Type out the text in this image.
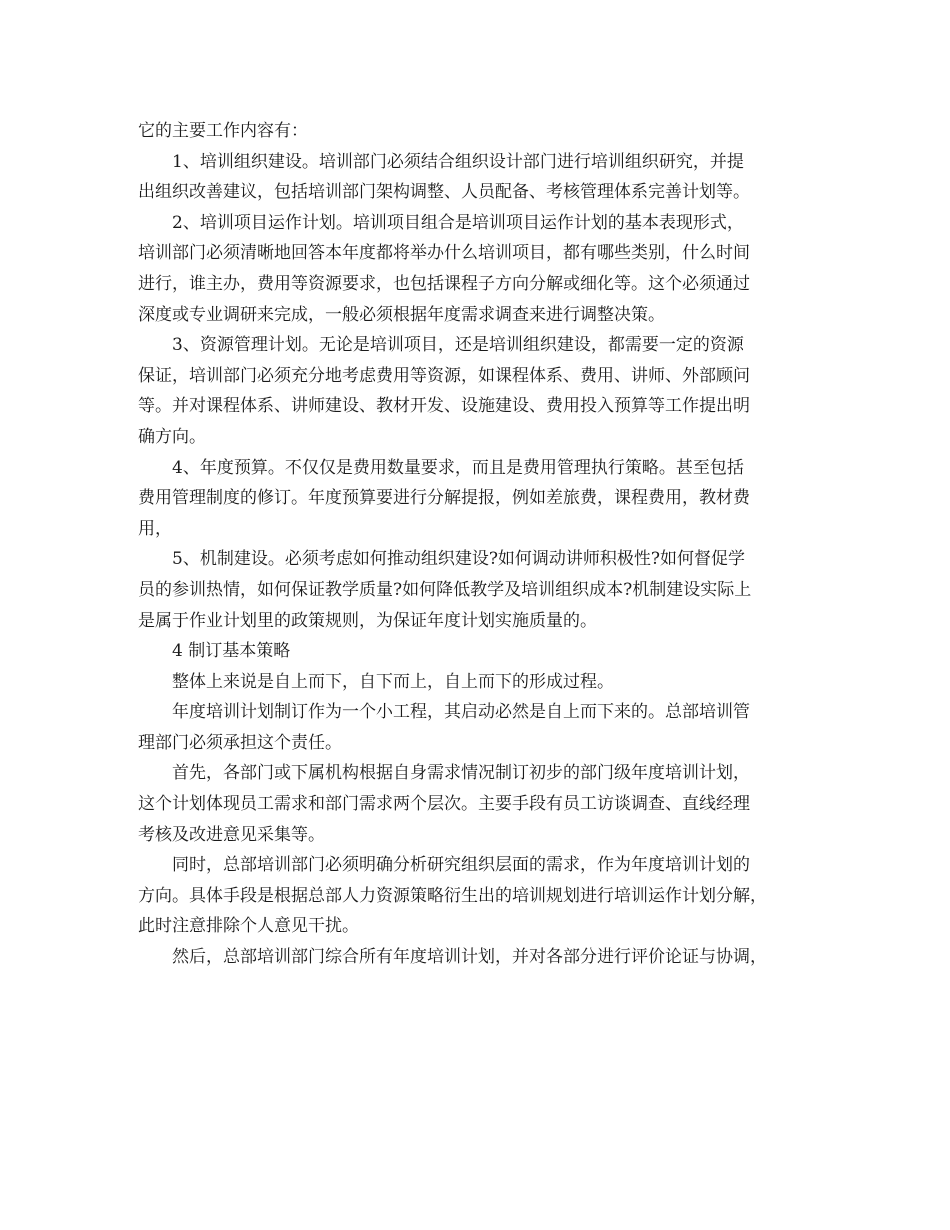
它的主要工作内容有：
1、培训组织建设。培训部门必须结合组织设计部门进行培训组织研究，并提
出组织改善建议，包括培训部门架构调整、人员配备、考核管理体系完善计划等。
2、培训项目运作计划。培训项目组合是培训项目运作计划的基本表现形式，
培训部门必须清晰地回答本年度都将举办什么培训项目，都有哪些类别，什么时间
进行，谁主办，费用等资源要求，也包括课程子方向分解或细化等。这个必须通过
深度或专业调研来完成，一般必须根据年度需求调查来进行调整决策。
3、资源管理计划。无论是培训项目，还是培训组织建设，都需要一定的资源
保证，培训部门必须充分地考虑费用等资源，如课程体系、费用、讲师、外部顾问
等。并对课程体系、讲师建设、教材开发、设施建设、费用投入预算等工作提出明
确方向。
4、年度预算。不仅仅是费用数量要求，而且是费用管理执行策略。甚至包括
费用管理制度的修订。年度预算要进行分解提报，例如差旅费，课程费用，教材费
用，
5、机制建设。必须考虑如何推动组织建设?如何调动讲师积极性?如何督促学
员的参训热情，如何保证教学质量?如何降低教学及培训组织成本?机制建设实际上
是属于作业计划里的政策规则，为保证年度计划实施质量的。
4 制订基本策略
整体上来说是自上而下，自下而上，自上而下的形成过程。
年度培训计划制订作为一个小工程，其启动必然是自上而下来的。总部培训管
理部门必须承担这个责任。
首先，各部门或下属机构根据自身需求情况制订初步的部门级年度培训计划，
这个计划体现员工需求和部门需求两个层次。主要手段有员工访谈调查、直线经理
考核及改进意见采集等。
同时，总部培训部门必须明确分析研究组织层面的需求，作为年度培训计划的
方向。具体手段是根据总部人力资源策略衍生出的培训规划进行培训运作计划分解，
此时注意排除个人意见干扰。
然后，总部培训部门综合所有年度培训计划，并对各部分进行评价论证与协调，
